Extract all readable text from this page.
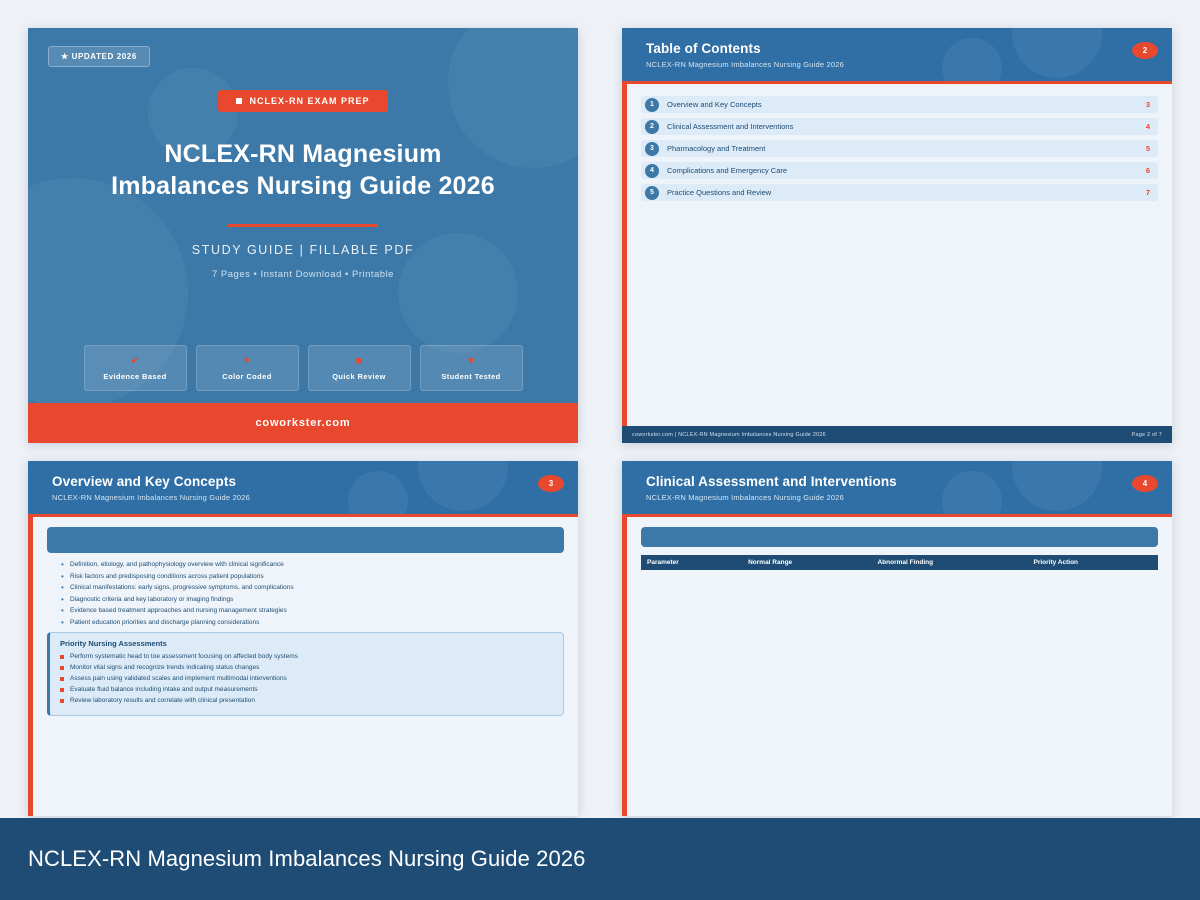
★ UPDATED 2026
NCLEX-RN EXAM PREP
NCLEX-RN Magnesium Imbalances Nursing Guide 2026
STUDY GUIDE | FILLABLE PDF
7 Pages • Instant Download • Printable
✔
Evidence Based
✦
Color Coded
■
Quick Review
♥
Student Tested
coworkster.com
Table of Contents
NCLEX-RN Magnesium Imbalances Nursing Guide 2026
2
1	Overview and Key Concepts	3
2	Clinical Assessment and Interventions	4
3	Pharmacology and Treatment	5
4	Complications and Emergency Care	6
5	Practice Questions and Review	7
coworkster.com | NCLEX-RN Magnesium Imbalances Nursing Guide 2026	Page 2 of 7
Overview and Key Concepts
NCLEX-RN Magnesium Imbalances Nursing Guide 2026
3
• Definition, etiology, and pathophysiology overview with clinical significance
• Risk factors and predisposing conditions across patient populations
• Clinical manifestations: early signs, progressive symptoms, and complications
• Diagnostic criteria and key laboratory or imaging findings
• Evidence based treatment approaches and nursing management strategies
• Patient education priorities and discharge planning considerations
Priority Nursing Assessments
Perform systematic head to toe assessment focusing on affected body systems
Monitor vital signs and recognize trends indicating status changes
Assess pain using validated scales and implement multimodal interventions
Evaluate fluid balance including intake and output measurements
Review laboratory results and correlate with clinical presentation
Clinical Assessment and Interventions
NCLEX-RN Magnesium Imbalances Nursing Guide 2026
4
Parameter	Normal Range	Abnormal Finding	Priority Action
NCLEX-RN Magnesium Imbalances Nursing Guide 2026
